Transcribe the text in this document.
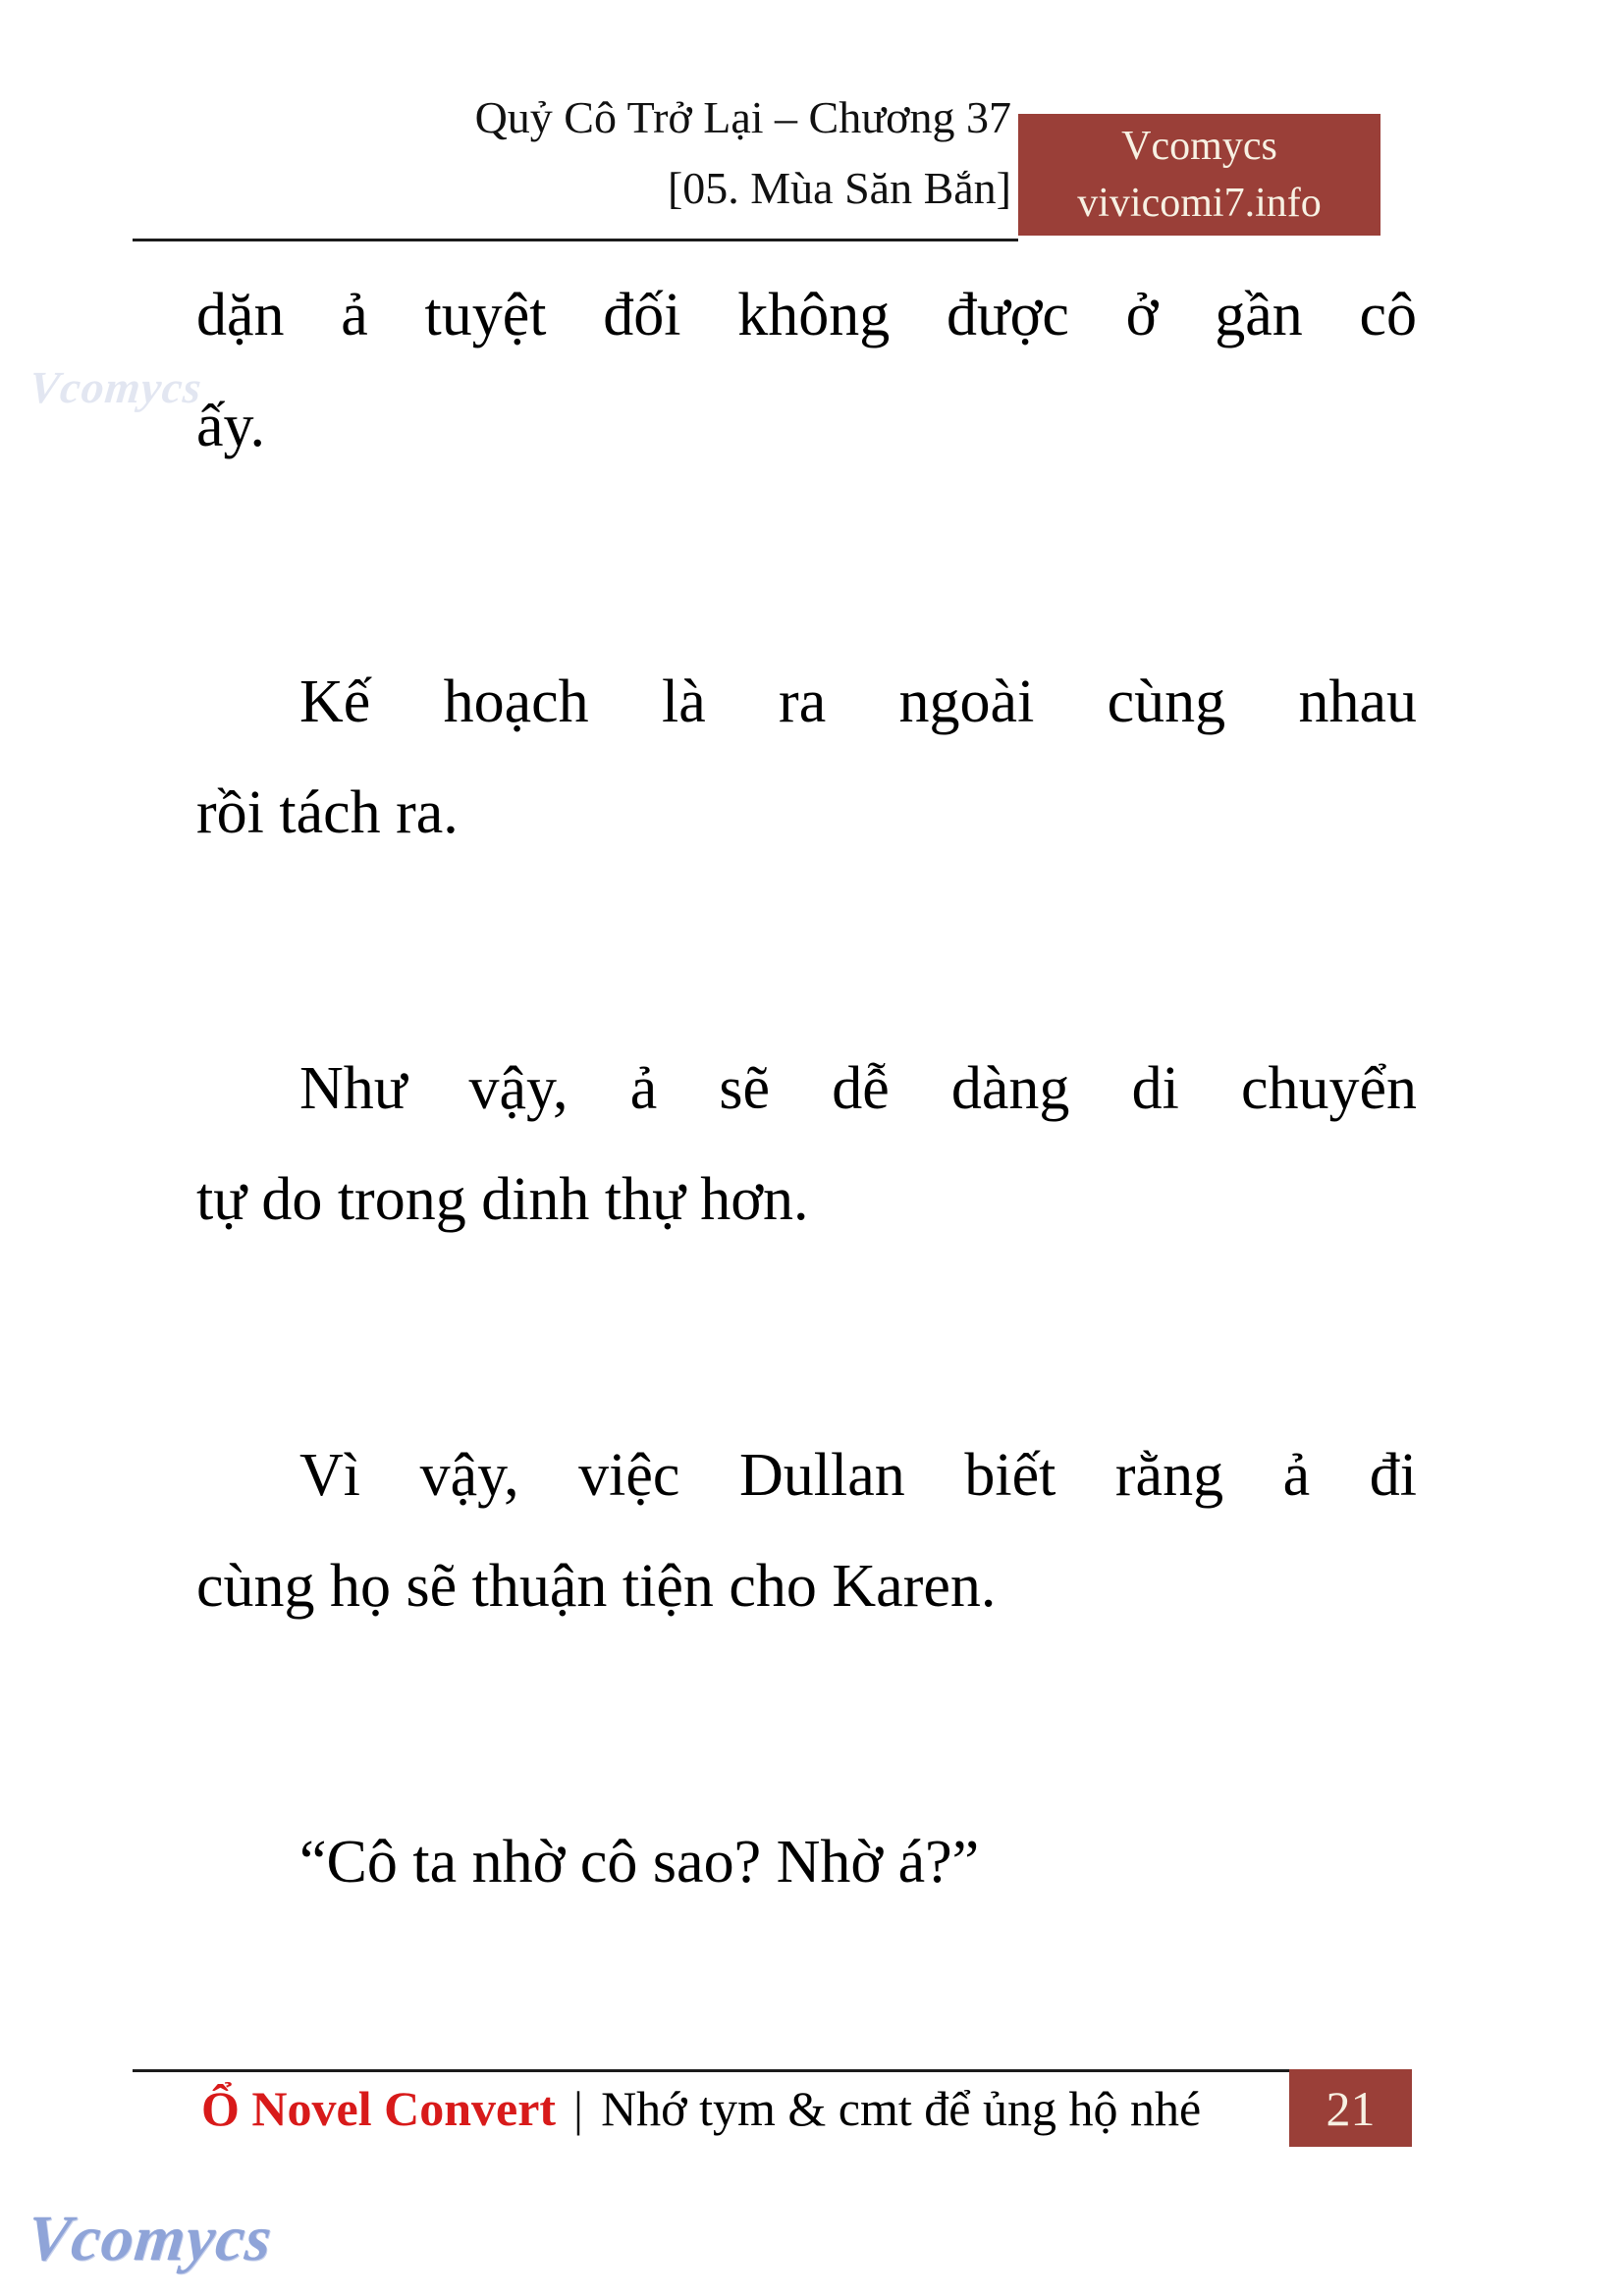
Quỷ Cô Trở Lại – Chương 37
[05. Mùa Săn Bắn]
Vcomycs
vivicomi7.info
Vcomycs
dặn ả tuyệt đối không được ở gần cô
ấy.
Kế hoạch là ra ngoài cùng nhau
rồi tách ra.
Như vậy, ả sẽ dễ dàng di chuyển
tự do trong dinh thự hơn.
Vì vậy, việc Dullan biết rằng ả đi
cùng họ sẽ thuận tiện cho Karen.
“Cô ta nhờ cô sao? Nhờ á?”
Ổ Novel Convert | Nhớ tym & cmt để ủng hộ nhé	21
Vcomycs
